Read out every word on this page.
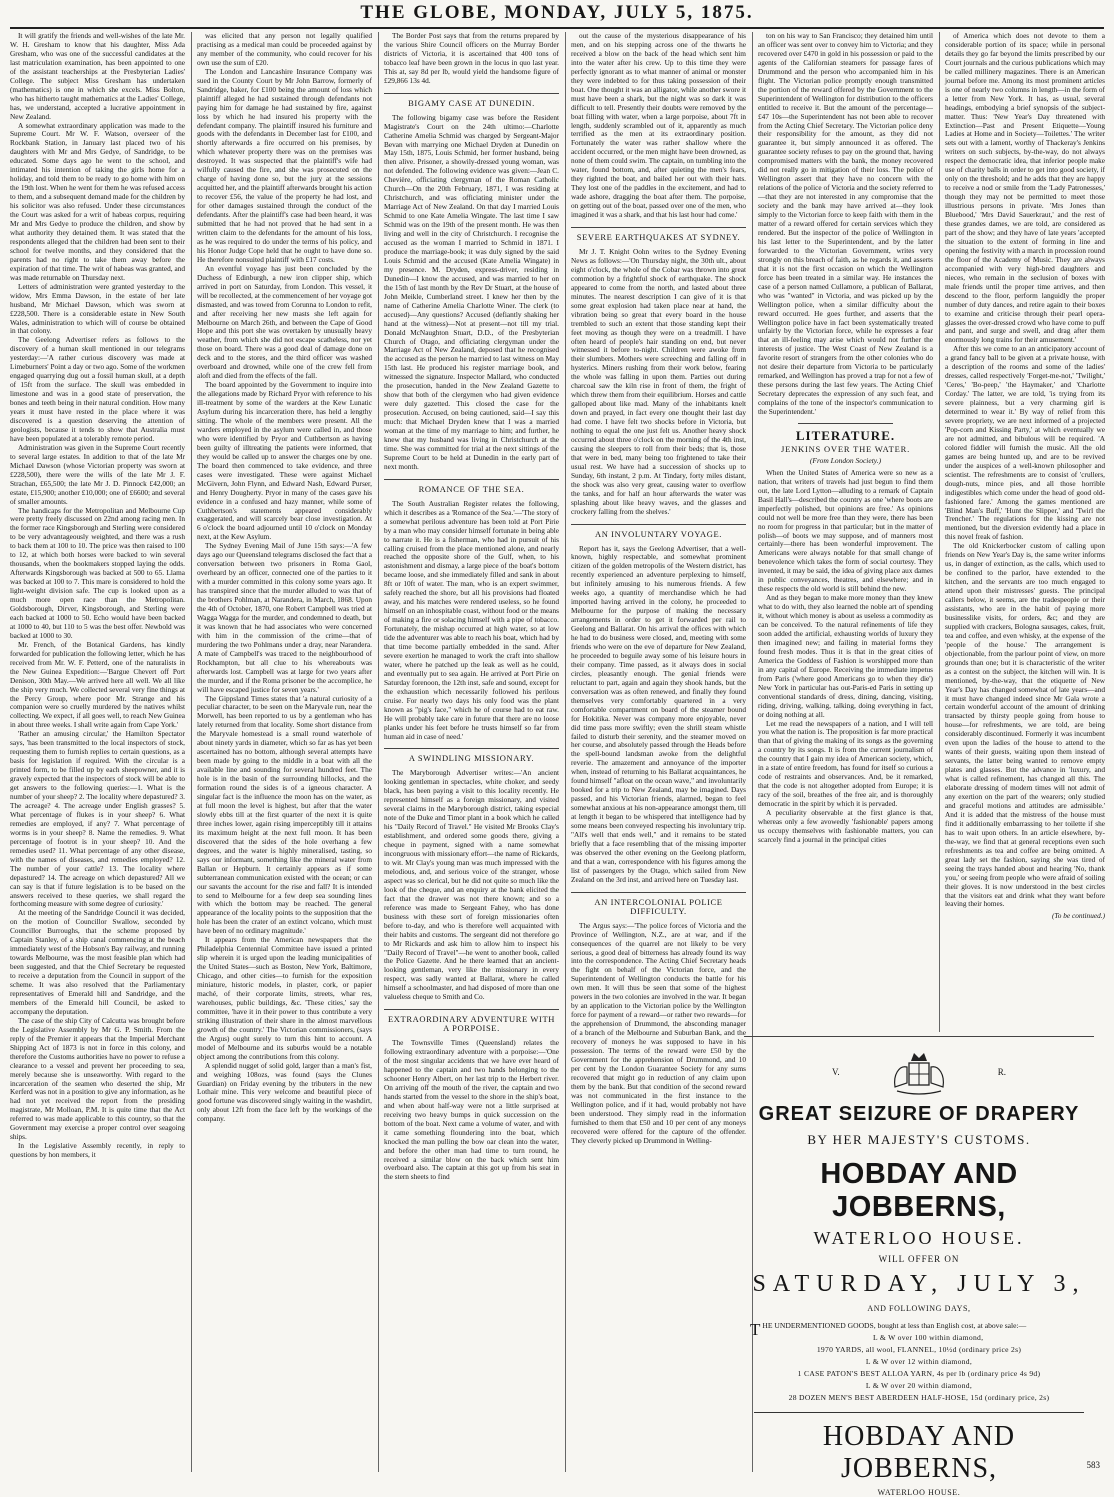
THE GLOBE, MONDAY, JULY 5, 1875.

It will gratify the friends and well-wishes of the late Mr. W. H. Gresham to know that his daughter, Miss Ada Gresham, who was one of the successful candidates at the last matriculation examination, has been appointed to one of the assistant teacherships at the Presbyterian Ladies' College. The subject Miss Gresham has undertaken (mathematics) is one in which she excels. Miss Bolton, who has hitherto taught mathematics at the Ladies' College, has, we understand, accepted a lucrative appointment in New Zealand.

A somewhat extraordinary application was made to the Supreme Court. Mr W. F. Watson, overseer of the Rockbank Station, in January last placed two of his daughters with Mr and Mrs Gedye, of Sandridge, to be educated. Some days ago he went to the school, and intimated his intention of taking the girls home for a holiday, and told them to be ready to go home with him on the 19th lost. When he went for them he was refused access to them, and a subsequent demand made for the children by his solicitor was also refused. Under these circumstances the Court was asked for a writ of habeas corpus, requiring Mr and Mrs Gedye to produce the children, and show by what authority they detained them. It was stated that the respondents alleged that the children had been sent to their school for twelve months, and they considered that the parents had no right to take them away before the expiration of that time. The writ of habeas was granted, and was made returnable on Thursday next.

Letters of administration were granted yesterday to the widow, Mrs Emma Dawson, in the estate of her late husband, Mr Michael Dawson, which was sworn at £228,500. There is a considerable estate in New South Wales, administration to which will of course be obtained in that colony.

The Geelong Advertiser refers as follows to the discovery of a human skull mentioned in our telegrams yesterday:—'A rather curious discovery was made at Limeburners' Point a day or two ago. Some of the workmen engaged quarrying dug out a fossil human skull, at a depth of 15ft from the surface. The skull was embedded in limestone and was in a good state of preservation, the bones and teeth being in their natural condition. How many years it must have rested in the place where it was discovered is a question deserving the attention of geologists, because it tends to show that Australia must have been populated at a tolerably remote period.

Administration was given in the Supreme Court recently to several large estates. In addition to that of the late Mr Michael Dawson (whose Victorian property was sworn at £228,500), there were the wills of the late Mr J. F. Strachan, £65,500; the late Mr J. D. Pinnock £42,000; an estate, £15,900; another £10,000; one of £6600; and several of smaller amounts.

The handicaps for the Metropolitan and Melbourne Cup were pretty freely discussed on 22nd among racing men. In the former race Kingsborough and Sterling were considered to be very advantageously weighted, and there was a rush to back them at 100 to 10. The price was then raised to 100 to 12, at which both horses were backed to win several thousands, when the bookmakers stopped laying the odds. Afterwards Kingsborough was backed at 500 to 65. Llama was backed at 100 to 7. This mare is considered to hold the light-weight division safe. The cup is looked upon as a much more open race than the Metropolitan. Goldsborough, Dirver, Kingsborough, and Sterling were each backed at 1000 to 50. Echo would have been backed at 1000 to 40, but 110 to 5 was the best offer. Newbold was backed at 1000 to 30.

Mr. French, of the Botanical Gardens, has kindly forwarded for publication the following letter, which he has received from Mr. W. F. Petterd, one of the naturalists in the New Guinea Expedition:—'Bargue Chevert off Port Denison, 30th May.—We arrived here all well. We all like the ship very much. We collected several very fine things at the Percy Group, where poor Mr. Strange and his companion were so cruelly murdered by the natives whilst collecting. We expect, if all goes well, to reach New Guinea in about three weeks. I shall write again from Cape York.'

'Rather an amusing circular,' the Hamilton Spectator says, 'has been transmitted to the local inspectors of stock, requesting them to furnish replies to certain questions, as a basis for legislation if required. With the circular is a printed form, to be filled up by each sheepowner, and it is gravely expected that the inspectors of stock will be able to get answers to the following queries:—1. What is the number of your sheep? 2. The locality where depastured? 3. The acreage? 4. The acreage under English grasses? 5. What percentage of flukes is in your sheep? 6. What remedies are employed, if any? 7. What percentage of worms is in your sheep? 8. Name the remedies. 9. What percentage of footrot is in your sheep? 10. And the remedies used? 11. What percentage of any other disease, with the names of diseases, and remedies employed? 12. The number of your cattle? 13. The locality where depastured? 14. The acreage on which depastured? All we can say is that if future legislation is to be based on the answers received to these queries, we shall regard the forthcoming measure with some degree of curiosity.'

At the meeting of the Sandridge Council it was decided, on the motion of Councillor Swallow, seconded by Councillor Burroughs, that the scheme proposed by Captain Stanley, of a ship canal commencing at the beach immediately west of the Hobson's Bay railway, and running towards Melbourne, was the most feasible plan which had been suggested, and that the Chief Secretary be requested to receive a deputation from the Council in support of the scheme. It was also resolved that the Parliamentary representatives of Emerald hill and Sandridge, and the members of the Emerald hill Council, be asked to accompany the deputation.

The case of the ship City of Calcutta was brought before the Legislative Assembly by Mr G. P. Smith. From the reply of the Premier it appears that the Imperial Merchant Shipping Act of 1873 is not in force in this colony, and therefore the Customs authorities have no power to refuse a clearance to a vessel and prevent her proceeding to sea, merely because she is unseaworthy. With regard to the incarceration of the seamen who deserted the ship, Mr Kerferd was not in a position to give any information, as he had not yet received the report from the presiding magistrate, Mr Molloan, P.M. It is quite time that the Act referred to was made applicable to this country, so that the Government may exercise a proper control over seagoing ships.

In the Legislative Assembly recently, in reply to questions by hon members, it

was elicited that any person not legally qualified practising as a medical man could be proceeded against by any member of the community, who could recover for his own use the sum of £20.

The London and Lancashire Insurance Company was sued in the County Court by Mr John Barrow, formerly of Sandridge, baker, for £100 being the amount of loss which plaintiff alleged he had sustained through defendants not paying him for damage he had sustained by fire, against loss by which he had insured his property with the defendant company. The plaintiff insured his furniture and goods with the defendants in December last for £100, and shortly afterwards a fire occurred on his premises, by which whatever property there was on the premises was destroyed. It was suspected that the plaintiff's wife had wilfully caused the fire, and she was prosecuted on the charge of having done so, but the jury at the sessions acquitted her, and the plaintiff afterwards brought his action to recover £56, the value of the property he had lost, and for other damages sustained through the conduct of the defendants. After the plaintiff's case had been heard, it was submitted that he had not proved that he had sent in a written claim to the defendants for the amount of his loss, as he was required to do under the terms of his policy, and his Honor Judge Cope held that he ought to have done so. He therefore nonsuited plaintiff with £17 costs.

An eventful voyage has just been concluded by the Duchess of Edinburgh, a new iron clipper ship, which arrived in port on Saturday, from London. This vessel, it will be recollected, at the commencement of her voyage got dismasted, and was towed from Corunna to London to refit, and after receiving her new masts she left again for Melbourne on March 26th, and between the Cape of Good Hope and this port she was overtaken by unusually heavy weather, from which she did not escape scatheless, nor yet those on board. There was a good deal of damage done on deck and to the stores, and the third officer was washed overboard and drowned, while one of the crew fell from aloft and died from the effects of the fall.

The board appointed by the Government to inquire into the allegations made by Richard Pryor with reference to his ill-treatment by some of the warders at the Kew Lunatic Asylum during his incarceration there, has held a lengthy sitting. The whole of the members were present. All the warders employed in the asylum were called in, and those who were identified by Pryor and Cuthbertson as having been guilty of illtreating the patients were informed, that they would be called up to answer the charges one by one. The board then commenced to take evidence, and three cases were investigated. These were against Michael McGivern, John Flynn, and Edward Nash, Edward Purser, and Henry Dougherty. Pryor in many of the cases gave his evidence in a confused and hazy manner, while some of Cuthbertson's statements appeared considerably exaggerated, and will scarcely bear close investigation. At 6 o'clock the board adjourned until 10 o'clock on Monday next, at the Kew Asylum.

The Sydney Evening Mail of June 15th says:—'A few days ago our Queensland telegrams disclosed the fact that a conversation between two prisoners in Roma Gaol, overheard by an officer, connected one of the parties to it with a murder committed in this colony some years ago. It has transpired since that the murder alluded to was that of the brothers Pohlman, at Narandera, in March, 1868. Upon the 4th of October, 1870, one Robert Campbell was tried at Wagga Wagga for the murder, and condemned to death, but it was known that he had associates who were concerned with him in the commission of the crime—that of murdering the two Pohlmans under a dray, near Narandera. A mate of Campbell's was traced to the neighbourhood of Rockhampton, but all clue to his whereabouts was afterwards lost. Campbell was at large for two years after the murder, and if the Roma prisoner be the accomplice, he will have escaped justice for seven years.'

The Gippsland Times states that 'a natural curiosity of a peculiar character, to be seen on the Maryvale run, near the Morwell, has been reported to us by a gentleman who has lately returned from that locality. Some short distance from the Maryvale homestead is a small round waterhole of about ninety yards in diameter, which so far as has yet been ascertained has no bottom, although several attempts have been made by going to the middle in a boat with all the available line and sounding for several hundred feet. The hole is in the basin of the surrounding hillocks, and the formation round the sides is of a igneous character. A singular fact is the influence the moon has on the water, as at full moon the level is highest, but after that the water slowly ebbs till at the first quarter of the next it is quite three inches lower, again rising imperceptibly till it attains its maximum height at the next full moon. It has been discovered that the sides of the hole overhang a few degrees, and the water is highly mineralised, tasting, so says our informant, something like the mineral water from Ballan or Hepburn. It certainly appears as if some subterranean communication existed with the ocean; or can our savants the account for the rise and fall? It is intended to send to Melbourne for a few deep sea sounding lines with which the bottom may be reached. The general appearance of the locality points to the supposition that the hole has been the crater of an extinct volcano, which must have been of no ordinary magnitude.'

It appears from the American newspapers that the Philadelphia Centennial Committee have issued a printed slip wherein it is urged upon the leading municipalities of the United States—such as Boston, New York, Baltimore, Chicago, and other cities—to furnish for the exposition miniature, historic models, in plaster, cork, or papier maché, of their corporate limits, streets, whar res, warehouses, public buildings, &c. 'These cities,' say the committee, 'have it in their power to thus contribute a very striking illustration of their share in the almost marvellous growth of the country.' The Victorian commissioners, (says the Argus) ought surely to turn this hint to account. A model of Melbourne and its suburbs would be a notable object among the contributions from this colony.

A splendid nugget of solid gold, larger than a man's fist, and weighing 108ozs, was found (says the Clunes Guardian) on Friday evening by the tributers in the new Lothair mine. This very welcome and beautiful piece of good fortune was discovered singly waiting in the washdirt, only about 12ft from the face left by the workings of the company.

The Border Post says that from the returns prepared by the various Shire Council officers on the Murray Border districts of Victoria, it is ascertained that 400 tons of tobacco leaf have been grown in the locus in quo last year. This at, say 8d per lb, would yield the handsome figure of £29,866 13s 4d.

BIGAMY CASE AT DUNEDIN.

The following bigamy case was before the Resident Magistrate's Court on the 24th ultimo:—Charlotte Catherine Amelia Schmid was charged by Sergeant-Major Bevan with marrying one Michael Dryden at Dunedin on May 15th, 1875, Louis Schmid, her former husband, being then alive. Prisoner, a showily-dressed young woman, was not defended. The following evidence was given:—Jean C. Chevière, officiating clergyman of the Roman Catholic Church—On the 20th February, 1871, I was residing at Christchurch, and was officiating minister under the Marriage Act of New Zealand. On that day I married Louis Schmid to one Kate Amelia Wingate. The last time I saw Schmid was on the 19th of the present month. He was then living and well in the city of Christchurch. I recognise the accused as the woman I married to Schmid in 1871. I produce the marriage-book; it was duly signed by the said Louis Schmid and the accused (Kate Amelia Wingate) in my presence. M. Dryden, express-driver, residing in Dunedin—I know the accused, and was married to her on the 15th of last month by the Rev Dr Stuart, at the house of John Meikle, Cumberland street. I knew her then by the name of Catherine Amelia Charlotte Winer. The clerk (to accused)—Any questions? Accused (defiantly shaking her hand at the witness)—Not at present—not till my trial. Donald McNaughton Stuart, D.D., of the Presbyterian Church of Otago, and officiating clergyman under the Marriage Act of New Zealand, deposed that he recognised the accused as the person he married to last witness on May 15th last. He produced his register marriage book, and witnessed the signature. Inspector Mallard, who conducted the prosecution, handed in the New Zealand Gazette to show that both of the clergymen who had given evidence were duly gazetted. This closed the case for the prosecution. Accused, on being cautioned, said—I say this much: that Michael Dryden knew that I was a married woman at the time of my marriage to him; and further, he knew that my husband was living in Christchurch at the time. She was committed for trial at the next sittings of the Supreme Court to be held at Dunedin in the early part of next month.

ROMANCE OF THE SEA.

The South Australian Register relates the following, which it describes as a 'Romance of the Sea.'—'The story of a somewhat perilous adventure has been told at Port Pirie by a man who may consider himself fortunate in being able to narrate it. He is a fisherman, who had in pursuit of his calling cruised from the place mentioned alone, and nearly reached the opposite shore of the Gulf, when, to his astonishment and dismay, a large piece of the boat's bottom became loose, and she immediately filled and sank in about 8ft or 10ft of water. The man, who is an expert swimmer, safely reached the shore, but all his provisions had floated away, and his matches were rendered useless, so he found himself on an inhospitable coast, without food or the means of making a fire or solacing himself with a pipe of tobacco. Fortunately, the mishap occurred at high water, so at low tide the adventurer was able to reach his boat, which had by that time become partially embedded in the sand. After severe exertion he managed to work the craft into shallow water, where he patched up the leak as well as he could, and eventually put to sea again. He arrived at Port Pirie on Saturday forenoon, the 12th inst, safe and sound, except for the exhaustion which necessarily followed his perilous cruise. For nearly two days his only food was the plant known as "pig's face," which he of course had to eat raw. He will probably take care in future that there are no loose planks under his feet before he trusts himself so far from human aid in case of need.'

A SWINDLING MISSIONARY.

The Maryborough Advertiser writes:—'An ancient looking gentleman in spectacles, white choker, and seedy black, has been paying a visit to this locality recently. He represented himself as a foreign missionary, and visited several claims in the Maryborough district, taking especial note of the Duke and Timor plant in a book which he called his "Daily Record of Travel." He visited Mr Brooks Clay's establishment, and ordered some goods there, giving a cheque in payment, signed with a name somewhat incongruous with missionary effort—the name of Rickards, to wit. Mr Clay's young man was much impressed with the melodious, and, and serious voice of the stranger, whose aspect was so clerical, but he did not quite so much like the look of the cheque, and an enquiry at the bank elicited the fact that the drawer was not there known; and so a reference was made to Sergeant Fahey, who has done business with these sort of foreign missionaries often before to-day, and who is therefore well acquainted with their habits and customs. The sergeant did not therefore go to Mr Rickards and ask him to allow him to inspect his "Daily Record of Travel"—he went to another book, called the Police Gazette. And he there learned that an ancient-looking gentleman, very like the missionary in every respect, was sadly wanted at Ballarat, where he called himself a schoolmaster, and had disposed of more than one valueless cheque to Smith and Co.

EXTRAORDINARY ADVENTURE WITH A PORPOISE.

The Townsville Times (Queensland) relates the following extraordinary adventure with a porpoise:—'One of the most singular accidents that we have ever heard of happened to the captain and two hands belonging to the schooner Henry Albert, on her last trip to the Herbert river. On arriving off the mouth of the river, the captain and two hands started from the vessel to the shore in the ship's boat, and when about half-way were not a little surprised at receiving two heavy bumps in quick succession on the bottom of the boat. Next came a volume of water, and with it came something floundering into the boat, which knocked the man pulling the bow oar clean into the water, and before the other man had time to turn round, he received a similar blow on the back which sent him overboard also. The captain at this got up from his seat in the stern sheets to find

out the cause of the mysterious disappearance of his men, and on his stepping across one of the thwarts he received a blow on the back of the head which sent him into the water after his crew. Up to this time they were perfectly ignorant as to what manner of animal or monster they were indebted to for thus taking possession of their boat. One thought it was an alligator, while another swore it must have been a shark, but the night was so dark it was difficult to tell. Presently their doubts were removed by the boat filling with water, when a large porpoise, about 7ft in length, suddenly scrambled out of it, apparently as much terrified as the men at its extraordinary position. Fortunately the water was rather shallow where the accident occurred, or the men might have been drowned, as none of them could swim. The captain, on tumbling into the water, found bottom, and, after quieting the men's fears, they righted the boat, and bailed her out with their hats. They lost one of the paddles in the excitement, and had to wade ashore, dragging the boat after them. The porpoise, on getting out of the boat, passed over one of the men, who imagined it was a shark, and that his last hour had come.'

SEVERE EARTHQUAKES AT SYDNEY.

Mr J. T. Knight Oohn writes to the Sydney Evening News as follows:—'On Thursday night, the 30th ult., about eight o'clock, the whole of the Cobar was thrown into great commotion by a frightful shock of earthquake. The shock appeared to come from the north, and lasted about three minutes. The nearest description I can give of it is that some great explosion had taken place near at hand, the vibration being so great that every board in the house trembled to such an extent that those standing kept their feet moving as though they were on a treadmill. I have often heard of people's hair standing on end, but never witnessed it before to-night. Children were awoke from their slumbers. Mothers were screeching and falling off in hysterics. Miners rushing from their work below, fearing the whole was falling in upon them. Parties out during charcoal saw the kiln rise in front of them, the fright of which threw them from their equilibrium. Horses and cattle galloped about like mad. Many of the inhabitants knelt down and prayed, in fact every one thought their last day had come. I have felt two shocks before in Victoria, but nothing to equal the one just felt us. Another heavy shock occurred about three o'clock on the morning of the 4th inst, causing the sleepers to roll from their beds; that is, those that were in bed, many being too frightened to take their usual rest. We have had a succession of shocks up to Sunday, 6th instant, 2 p.m. At Tindary, forty miles distant, the shock was also very great, causing water to overflow the tanks, and for half an hour afterwards the water was splashing about like heavy waves, and the glasses and crockery falling from the shelves.'

AN INVOLUNTARY VOYAGE.

Report has it, says the Geelong Advertiser, that a well-known, highly respectable, and somewhat prominent citizen of the golden metropolis of the Western district, has recently experienced an adventure perplexing to himself, but infinitely amusing to his numerous friends. A few weeks ago, a quantity of merchandise which he had imported having arrived in the colony, he proceeded to Melbourne for the purpose of making the necessary arrangements in order to get it forwarded per rail to Geelong and Ballarat. On his arrival the offices with which he had to do business were closed, and, meeting with some friends who were on the eve of departure for New Zealand, he proceeded to beguile away some of his leisure hours in their company. Time passed, as it always does in social circles, pleasantly enough. The genial friends were reluctant to part, again and again they shook hands, but the conversation was as often renewed, and finally they found themselves very comfortably quartered in a very comfortable compartment on board of the steamer bound for Hokitika. Never was company more enjoyable, never did time pass more swiftly; even the shrill steam whistle failed to disturb their serenity, and the steamer moved on her course, and absolutely passed through the Heads before the spell-bound landsman awoke from the delightful reverie. The amazement and annoyance of the importer when, instead of returning to his Ballarat acquaintances, he found himself "afloat on the ocean wave," and involuntarily booked for a trip to New Zealand, may be imagined. Days passed, and his Victorian friends, alarmed, began to feel somewhat anxious at his non-appearance amongst them, till at length it began to be whispered that intelligence had by some means been conveyed respecting his involuntary trip. "All's well that ends well," and it remains to be stated briefly that a face resembling that of the missing importer was observed the other evening on the Geelong platform, and that a wan, correspondence with his figures among the list of passengers by the Otago, which sailed from New Zealand on the 3rd inst, and arrived here on Tuesday last.

AN INTERCOLONIAL POLICE DIFFICULTY.

The Argus says:—'The police forces of Victoria and the Province of Wellington, N.Z., are at war, and if the consequences of the quarrel are not likely to be very serious, a good deal of bitterness has already found its way into the correspondence. The Acting Chief Secretary heads the fight on behalf of the Victorian force, and the Superintendent of Wellington conducts the battle for his own men. It will thus be seen that some of the highest powers in the two colonies are involved in the war. It began by an application to the Victorian police by the Wellington force for payment of a reward—or rather two rewards—for the apprehension of Drummond, the absconding manager of a branch of the Melbourne and Suburban Bank, and the recovery of moneys he was supposed to have in his possession. The terms of the reward were £50 by the Government for the apprehension of Drummond, and 10 per cent by the London Guarantee Society for any sums recovered that might go in reduction of any claim upon them by the bank. But that condition of the second reward was not communicated in the first instance to the Wellington police, and if it had, would probably not have been understood. They simply read in the information furnished to them that £50 and 10 per cent of any moneys recovered were offered for the capture of the offender. They cleverly picked up Drummond in Welling-

ton on his way to San Francisco; they detained him until an officer was sent over to convey him to Victoria; and they recovered over £470 in gold in his possession or paid to the agents of the Californian steamers for passage fares of Drummond and the person who accompanied him in his flight. The Victorian police promptly enough transmitted the portion of the reward offered by the Government to the Superintendent of Wellington for distribution to the officers entitled to receive it. But the amount of the percentage—£47 10s—the Superintendent has not been able to recover from the Acting Chief Secretary. The Victorian police deny their responsibility for the amount, as they did not guarantee it, but simply announced it as offered. The guarantee society refuses to pay on the ground that, having compromised matters with the bank, the money recovered did not really go in mitigation of their loss. The police of Wellington assert that they have no concern with the relations of the police of Victoria and the society referred to—that they are not interested in any compromise that the society and the bank may have arrived at—they look simply to the Victorian force to keep faith with them in the matter of a reward offered for certain services which they rendered. But the inspector of the police of Wellington in his last letter to the Superintendent, and by the latter forwarded to the Victorian Government, writes very strongly on this breach of faith, as he regards it, and asserts that it is not the first occasion on which the Wellington force has been treated in a similar way. He instances the case of a person named Cullamore, a publican of Ballarat, who was "wanted" in Victoria, and was picked up by the Wellington police, when a similar difficulty about the reward occurred. He goes further, and asserts that the Wellington police have in fact been systematically treated unfairly by the Victorian force, while he expresses a fear that an ill-feeling may arise which would not further the interests of justice. The West Coast of New Zealand is a favorite resort of strangers from the other colonies who do not desire their departure from Victoria to be particularly remarked, and Wellington has proved a trap for not a few of these persons during the last few years. The Acting Chief Secretary deprecates the expression of any such feat, and complains of the tone of the inspector's communication to the Superintendent.'

LITERATURE.
JENKINS OVER THE WATER.
(From London Society.)

When the United States of America were so new as a nation, that writers of travels had just begun to find them out, the late Lord Lytton—alluding to a remark of Captain Basil Hall's—described the country as one 'where boots are imperfectly polished, but opinions are free.' As opinions could not well be more free than they were, there has been no room for progress in that particular; but in the matter of polish—of boots we may suppose, and of manners most certainly—there has been wonderful improvement. The Americans were always notable for that small change of benevolence which takes the form of social courtesy. They invented, it may be said, the idea of giving place aux dames in public conveyances, theatres, and elsewhere; and in these respects the old world is still behind the new.

And as they began to make more money than they knew what to do with, they also learned the noble art of spending it, without which money is about as useless a commodity as can be conceived. To the natural refinements of life they soon added the artificial, exhausting worlds of luxury they then imagined new; and failing in material forms they found fresh modes. Thus it is that in the great cities of America the Goddess of Fashion is worshipped more than in any capital of Europe. Receiving the immediate impetus from Paris ('where good Americans go to when they die') New York in particular has out-Paris-ed Paris in setting up conventional standards of dress, dining, dancing, visiting, riding, driving, walking, talking, doing everything in fact, or doing nothing at all.

Let me read the newspapers of a nation, and I will tell you what the nation is. The proposition is far more practical than that of giving the making of its songs as the governing a country by its songs. It is from the current journalism of the country that I gain my idea of American society, which, in a state of entire freedom, has found for itself so curious a code of restraints and observances. And, be it remarked, that the code is not altogether adopted from Europe; it is racy of the soil, breathes of the free air, and is thoroughly democratic in the spirit by which it is pervaded.

A peculiarity observable at the first glance is that, whereas only a few avowedly 'fashionable' papers among us occupy themselves with fashionable matters, you can scarcely find a journal in the principal cities

of America which does not devote to them a considerable portion of its space; while in personal details they go far beyond the limits prescribed by our Court journals and the curious publications which may be called millinery magazines. There is an American journal before me. Among its most prominent articles is one of nearly two columns in length—in the form of a letter from New York. It has, as usual, several headings, embodying a brief synopsis of the subject-matter. Thus: 'New Year's Day threatened with Extinction—Past and Present Etiquette—Young Ladies at Home and in Society—Toilettes.' The writer sets out with a lament, worthy of Thackeray's Jenkins writers on such subjects, by-the-way, do not always respect the democratic idea, that inferior people make use of charity balls in order to get into good society, if only on the threshold; and he adds that they are happy to receive a nod or smile from the 'Lady Patronesses,' though they may not be permitted to meet those illustrious persons in private. 'Mrs Jones than Bluebood,' 'Mrs David Sauerkraut,' and the rest of these grandes dames, we are told, are considered as part of the show; and they have of late years 'accepted the situation to the extent of forming in line and opening the festivity with a march in procession round the floor of the Academy of Music. They are always accompanied with very high-bred daughters and nieces, who remain in the seclusion of boxes with male friends until the proper time arrives, and then descend to the floor, perform languidly the proper number of duty dances, and retire again to their boxes to examine and criticise through their pearl opera-glasses the over-dressed crowd who have come to puff and pant, and surge and swell, and drag after them enormously long trains for their amusement.'

After this we come to an an anticipatory account of a grand fancy ball to be given at a private house, with a description of the rooms and some of the ladies' dresses, called respectively 'Forget-me-not,' 'Twilight,' 'Ceres,' 'Bo-peep,' 'the Haymaker,' and 'Charlotte Corday.' The latter, we are told, 'is trying from its severe plainness, but a very charming girl is determined to wear it.' By way of relief from this severe propriety, we are next informed of a projected 'Pop-corn and Kissing Party,' at which eventually we are not admitted, and bibulous will be required. 'A colored fiddler will furnish the music. All the old games are being hunted up, and are to be revived under the auspices of a well-known philosopher and scientist. The refreshments are to consist of 'crullers, dough-nuts, mince pies, and all those horrible indigestibles which come under the head of good old-fashioned fare.' Among the games mentioned are 'Blind Man's Buff,' 'Hunt the Slipper,' and 'Twirl the Trencher.' The regulations for the kissing are not mentioned, but the diversion evidently had a place in this novel freak of fashion.

The old Knickerbocker custom of calling upon friends on New Year's Day is, the same writer informs us, in danger of extinction, as the calls, which used to be confined to the parlor, have extended to the kitchen, and the servants are too much engaged to attend upon their mistresses' guests. The principal callers below, it seems, are the tradespeople or their assistants, who are in the habit of paying more businesslike visits, for orders, &c; and they are supplied with crackers, Bologna sausages, cakes, fruit, tea and coffee, and even whisky, at the expense of the 'people of the house.' The arrangement is objectionable, from the parlour point of view, on more grounds than one; but it is characteristic of the writer as a contest on the subject, the kitchen will win. It is mentioned, by-the-way, that the etiquette of New Year's Day has changed somewhat of late years—and it must have changed indeed since Mr Gala wrote a certain wonderful account of the amount of drinking transacted by thirsty people going from house to house—for refreshments, we are told, are being considerably discontinued. Formerly it was incumbent even upon the ladies of the house to attend to the wants of their guests, waiting upon them instead of servants, the latter being wanted to remove empty plates and glasses. But the advance in 'luxury, and what is called refinement, has changed all this. The elaborate dressing of modern times will not admit of any exertion on the part of the wearers; only studied and graceful motions and attitudes are admissible.' And it is added that the mistress of the house must find it additionally embarrassing to her toilette if she has to wait upon others. In an article elsewhere, by-the-way, we find that at general receptions even such refreshments as tea and coffee are being omitted. A great lady set the fashion, saying she was tired of seeing the trays handed about and hearing 'No, thank you,' or seeing from people who were afraid of soiling their gloves. It is now understood in the best circles that the visitors eat and drink what they want before leaving their homes.

(To be continued.)
V.	R.
GREAT SEIZURE OF DRAPERY
BY HER MAJESTY'S CUSTOMS.
HOBDAY AND JOBBERNS,
WATERLOO HOUSE.
WILL OFFER ON
SATURDAY, JULY 3,
AND FOLLOWING DAYS,
T HE UNDERMENTIONED GOODS, bought at less than English cost, at above sale:—
L & W over 100 within diamond,
1970 YARDS, all wool, FLANNEL, 10½d (ordinary price 2s)
L & W over 12 within diamond,
1 CASE PATON'S BEST ALLOA YARN, 4s per lb (ordinary price 4s 9d)
L & W over 20 within diamond,
28 DOZEN MEN'S BEST ABERDEEN HALF-HOSE, 15d (ordinary price, 2s)
HOBDAY AND JOBBERNS,
WATERLOO HOUSE.
583
